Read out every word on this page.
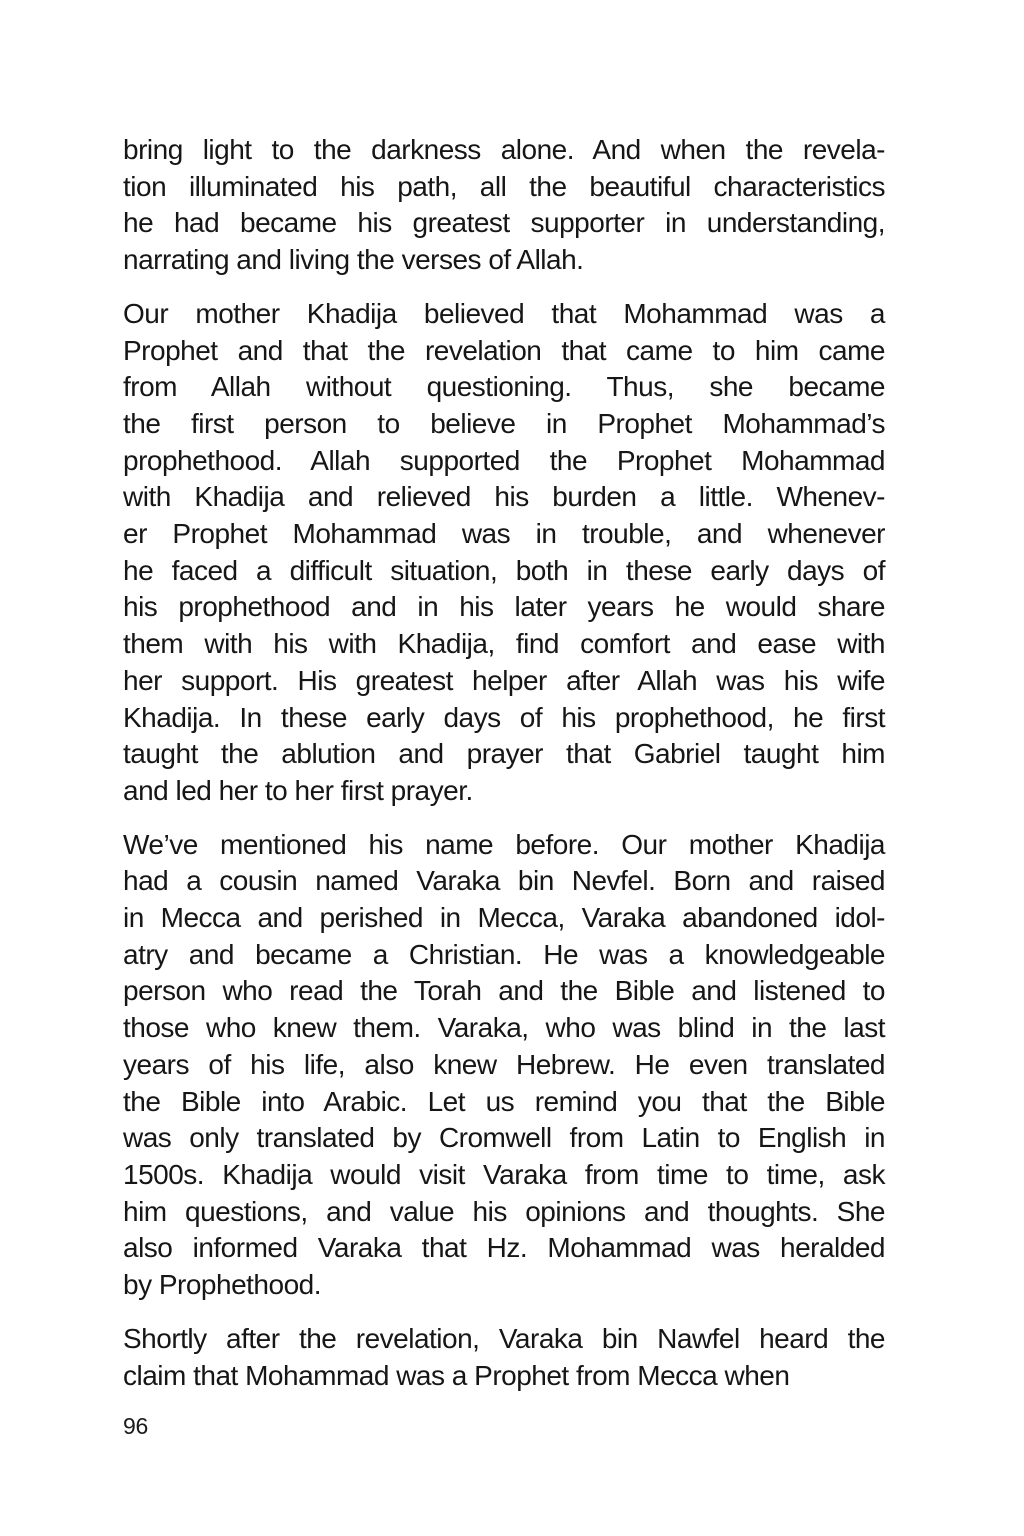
bring light to the darkness alone. And when the revela-
tion illuminated his path, all the beautiful characteristics
he had became his greatest supporter in understanding,
narrating and living the verses of Allah.
Our mother Khadija believed that Mohammad was a
Prophet and that the revelation that came to him came
from Allah without questioning. Thus, she became
the first person to believe in Prophet Mohammad’s
prophethood. Allah supported the Prophet Mohammad
with Khadija and relieved his burden a little. Whenev-
er Prophet Mohammad was in trouble, and whenever
he faced a difficult situation, both in these early days of
his prophethood and in his later years he would share
them with his with Khadija, find comfort and ease with
her support. His greatest helper after Allah was his wife
Khadija. In these early days of his prophethood, he first
taught the ablution and prayer that Gabriel taught him
and led her to her first prayer.
We’ve mentioned his name before. Our mother Khadija
had a cousin named Varaka bin Nevfel. Born and raised
in Mecca and perished in Mecca, Varaka abandoned idol-
atry and became a Christian. He was a knowledgeable
person who read the Torah and the Bible and listened to
those who knew them. Varaka, who was blind in the last
years of his life, also knew Hebrew. He even translated
the Bible into Arabic. Let us remind you that the Bible
was only translated by Cromwell from Latin to English in
1500s. Khadija would visit Varaka from time to time, ask
him questions, and value his opinions and thoughts. She
also informed Varaka that Hz. Mohammad was heralded
by Prophethood.
Shortly after the revelation, Varaka bin Nawfel heard the
claim that Mohammad was a Prophet from Mecca when
96
